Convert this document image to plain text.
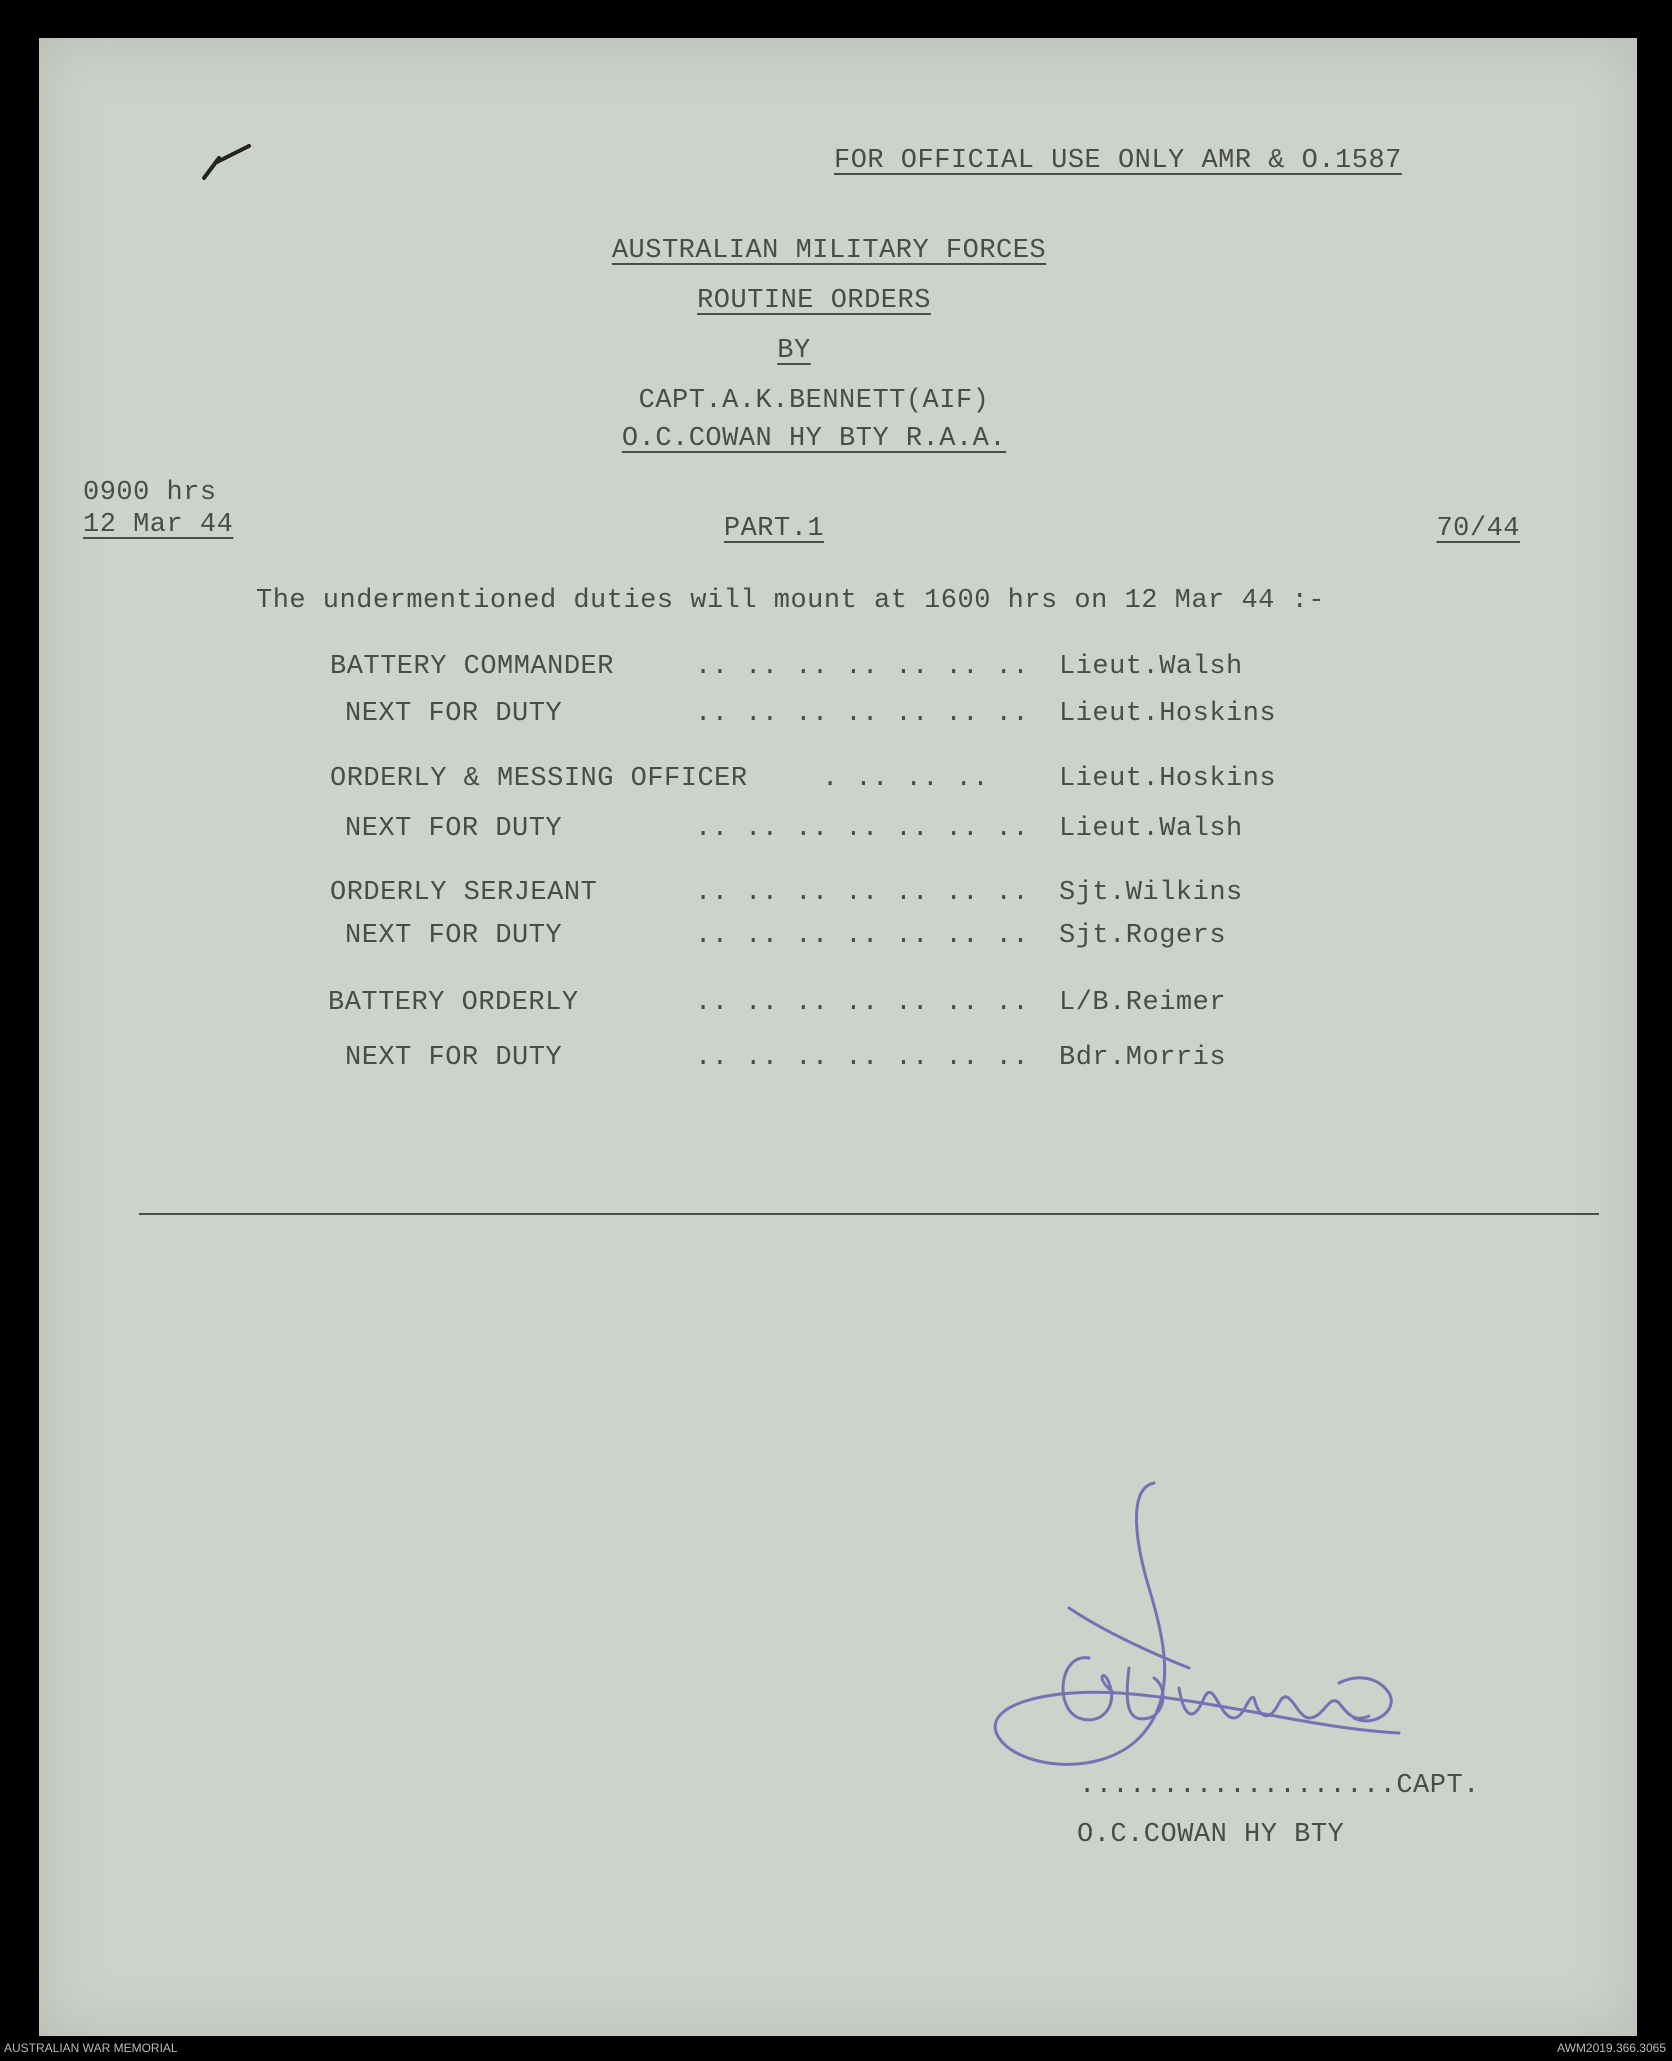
FOR OFFICIAL USE ONLY AMR & O.1587
AUSTRALIAN MILITARY FORCES
ROUTINE ORDERS
BY
CAPT.A.K.BENNETT(AIF)
O.C.COWAN HY BTY R.A.A.
0900 hrs
12 Mar 44	PART.1	70/44
The undermentioned duties will mount at 1600 hrs on 12 Mar 44 :-
BATTERY COMMANDER	.. .. .. .. .. .. .. Lieut.Walsh
NEXT FOR DUTY	.. .. .. .. .. .. .. Lieut.Hoskins
ORDERLY & MESSING OFFICER	. .. .. ..	Lieut.Hoskins
NEXT FOR DUTY	.. .. .. .. .. .. .. Lieut.Walsh
ORDERLY SERJEANT	.. .. .. .. .. .. .. Sjt.Wilkins
NEXT FOR DUTY	.. .. .. .. .. .. .. Sjt.Rogers
BATTERY ORDERLY	.. .. .. .. .. .. .. L/B.Reimer
NEXT FOR DUTY	.. .. .. .. .. .. .. Bdr.Morris
...................CAPT.
O.C.COWAN HY BTY
AUSTRALIAN WAR MEMORIAL	AWM2019.366.3065
